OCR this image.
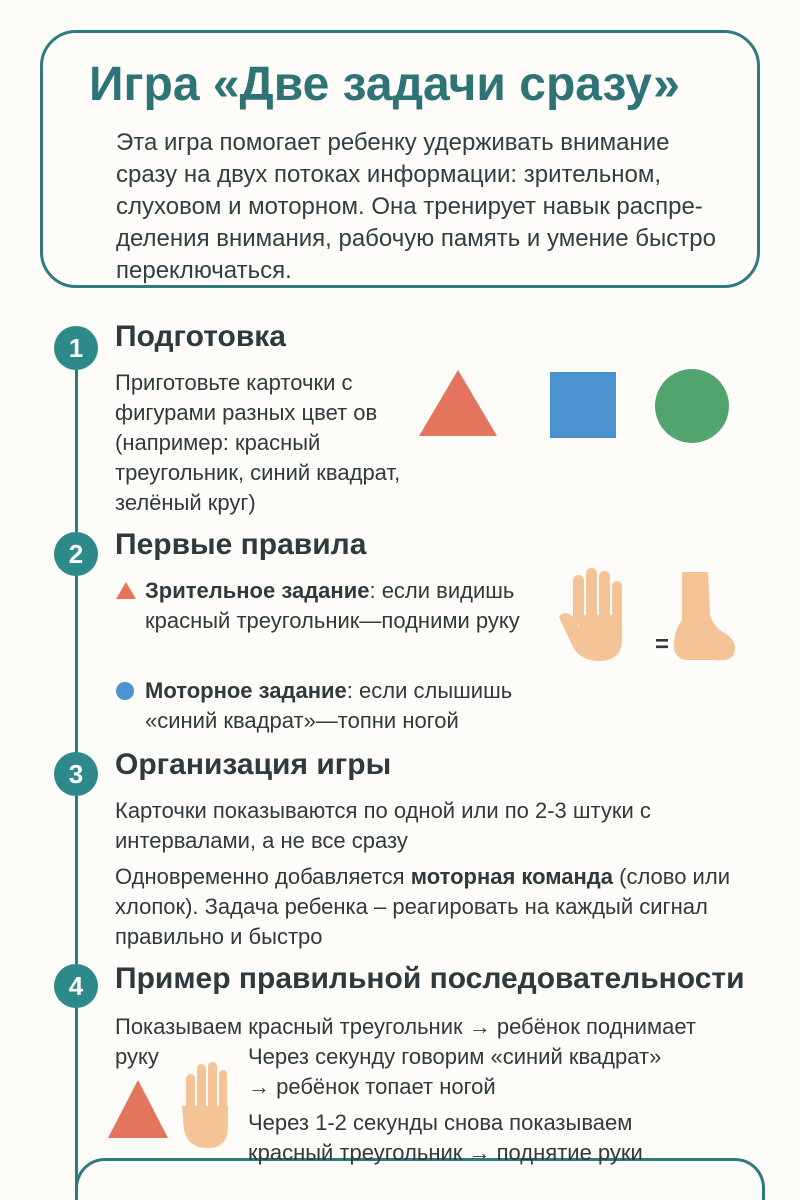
Игра «Две задачи сразу»
Эта игра помогает ребенку удерживать внимание сразу на двух потоках информации: зрительном, слуховом и моторном. Она тренирует навык распре- деления внимания, рабочую память и умение быстро переключаться.
1	Подготовка
Приготовьте карточки с фигурами разных цвет ов (например: красный треугольник, синий квадрат, зелёный круг)
2	Первые правила
Зрительное задание: если видишь красный треугольник—подними руку
Моторное задание: если слышишь «синий квадрат»—топни ногой
=
3	Организация игры
Карточки показываются по одной или по 2-3 штуки с интервалами, а не все сразу
Одновременно добавляется моторная команда (слово или хлопок). Задача ребенка – реагировать на каждый сигнал правильно и быстро
4	Пример правильной последовательности
Показываем красный треугольник → ребёнок поднимает
руку	Через секунду говорим «синий квадрат» → ребёнок топает ногой
Через 1-2 секунды снова показываем красный треугольник → поднятие руки
